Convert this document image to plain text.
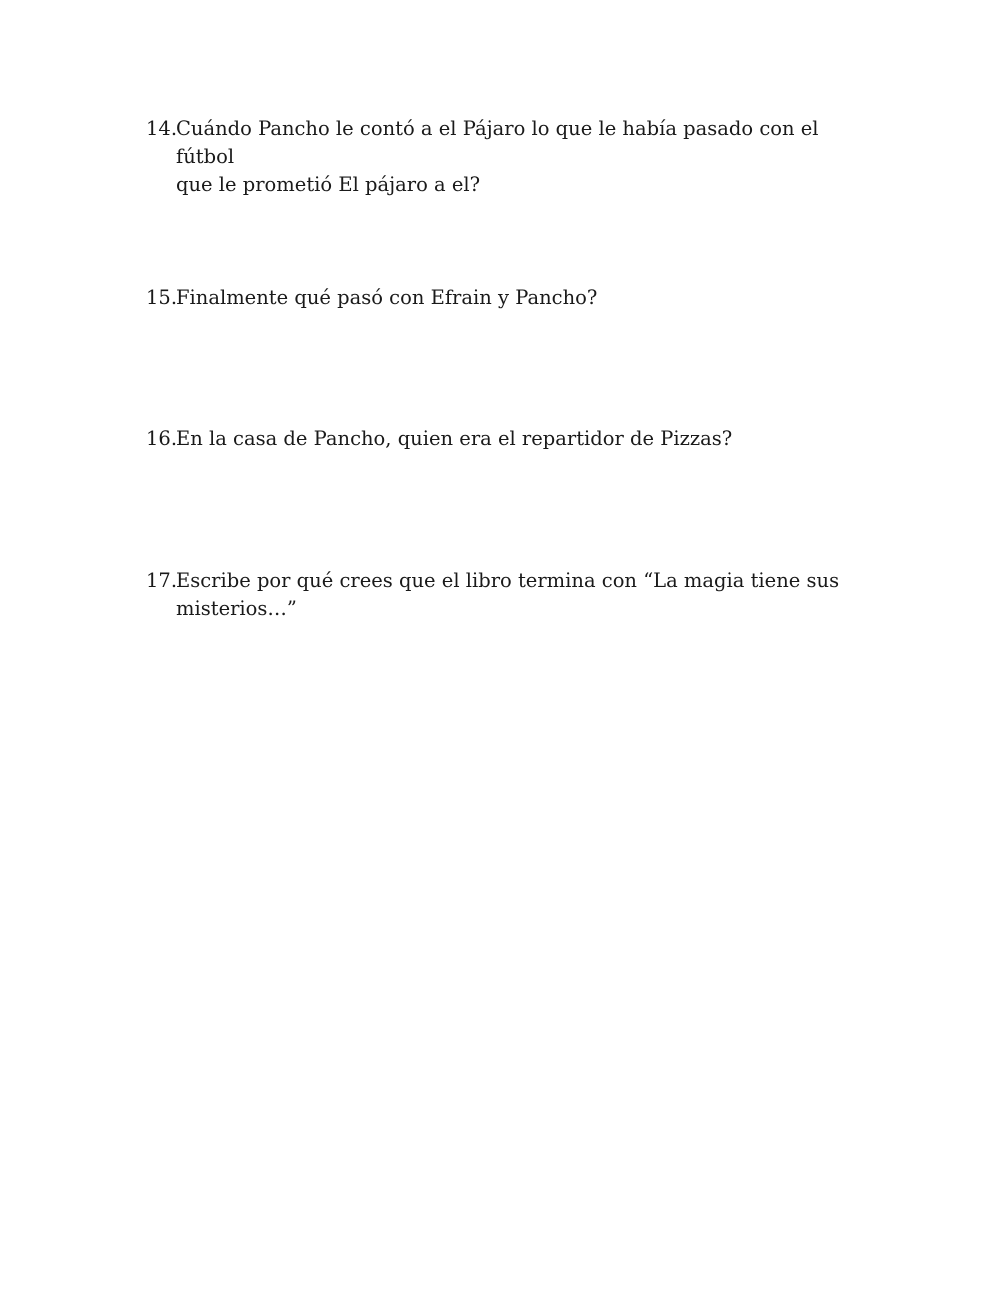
14.
Cuándo Pancho le contó a el Pájaro lo que le había pasado con el fútbol
que le prometió El pájaro a el?
15.
Finalmente qué pasó con Efrain y Pancho?
16.
En la casa de Pancho, quien era el repartidor de Pizzas?
17.
Escribe por qué crees que el libro termina con “La magia tiene sus
misterios…”
